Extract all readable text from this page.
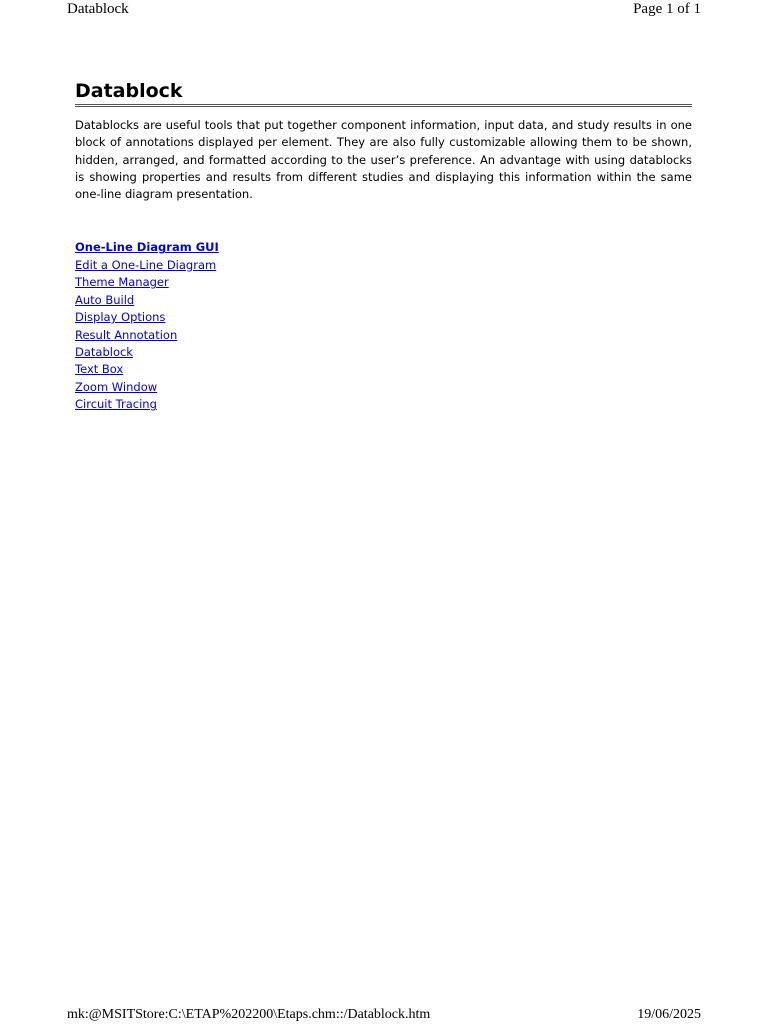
Datablock	Page 1 of 1
Datablock

Datablocks are useful tools that put together component information, input data, and study results in one block of annotations displayed per element. They are also fully customizable allowing them to be shown, hidden, arranged, and formatted according to the user’s preference. An advantage with using datablocks is showing properties and results from different studies and displaying this information within the same one-line diagram presentation.

One-Line Diagram GUI
Edit a One-Line Diagram
Theme Manager
Auto Build
Display Options
Result Annotation
Datablock
Text Box
Zoom Window
Circuit Tracing
mk:@MSITStore:C:\ETAP%202200\Etaps.chm::/Datablock.htm	19/06/2025
